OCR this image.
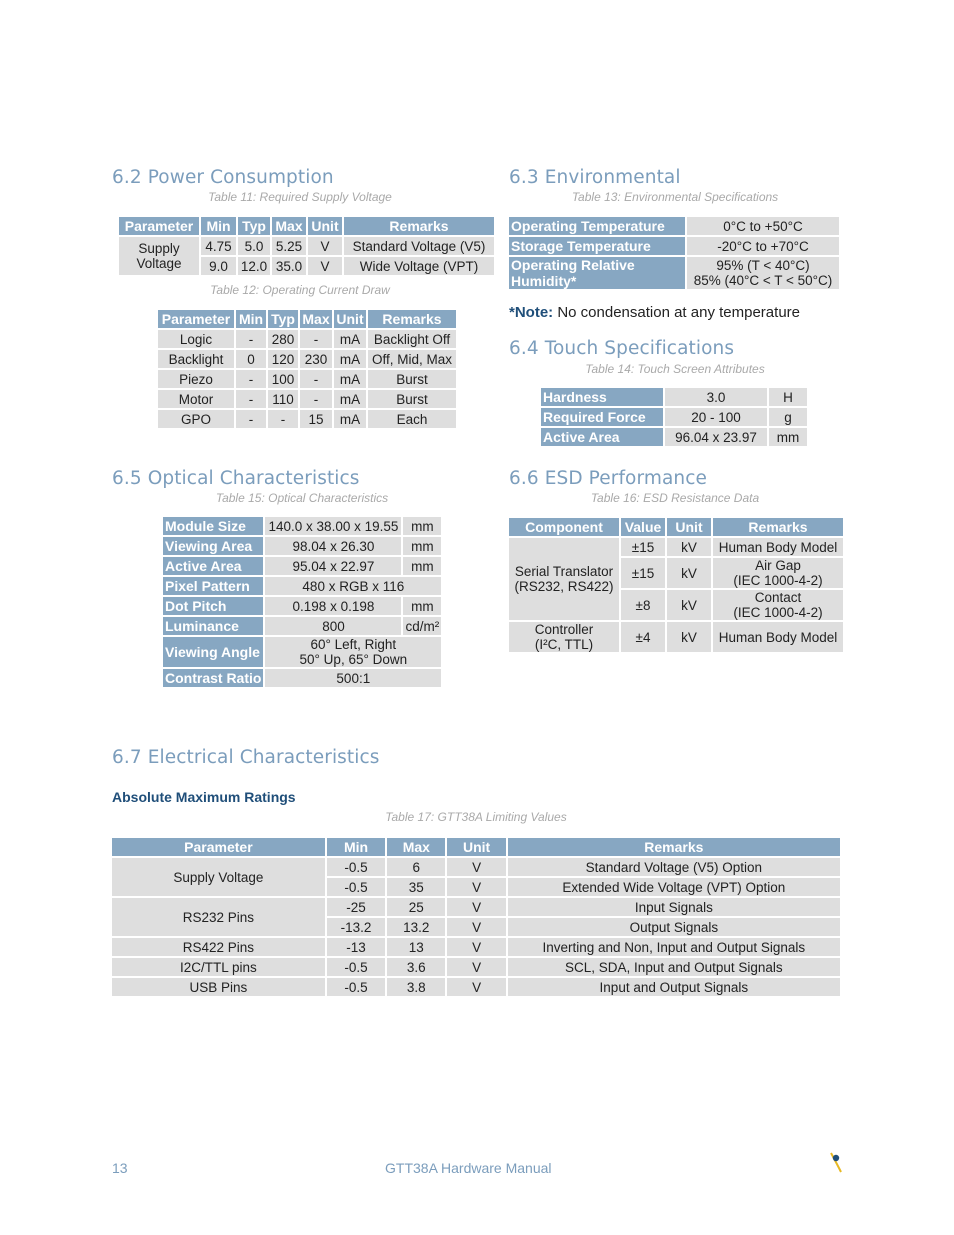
6.2 Power Consumption
Table 11: Required Supply Voltage
Parameter	Min	Typ	Max	Unit	Remarks
Supply
Voltage	4.75	5.0	5.25	V	Standard Voltage (V5)
	9.0	12.0	35.0	V	Wide Voltage (VPT)
Table 12: Operating Current Draw
Parameter	Min	Typ	Max	Unit	Remarks
Logic	-	280	-	mA	Backlight Off
Backlight	0	120	230	mA	Off, Mid, Max
Piezo	-	100	-	mA	Burst
Motor	-	110	-	mA	Burst
GPO	-	-	15	mA	Each
6.3 Environmental
Table 13: Environmental Specifications
Operating Temperature	0°C to +50°C
Storage Temperature	-20°C to +70°C
Operating Relative
Humidity*	95% (T < 40°C)
85% (40°C < T < 50°C)
*Note: No condensation at any temperature
6.4 Touch Specifications
Table 14: Touch Screen Attributes
Hardness	3.0	H
Required Force	20 - 100	g
Active Area	96.04 x 23.97	mm
6.5 Optical Characteristics
Table 15: Optical Characteristics
Module Size	140.0 x 38.00 x 19.55	mm
Viewing Area	98.04 x 26.30	mm
Active Area	95.04 x 22.97	mm
Pixel Pattern	480 x RGB x 116	
Dot Pitch	0.198 x 0.198	mm
Luminance	800	cd/m²
Viewing Angle	60° Left, Right
50° Up, 65° Down	
Contrast Ratio	500:1	
6.6 ESD Performance
Table 16: ESD Resistance Data
Component	Value	Unit	Remarks
Serial Translator
(RS232, RS422)	±15	kV	Human Body Model
	±15	kV	Air Gap
(IEC 1000-4-2)
	±8	kV	Contact
(IEC 1000-4-2)
Controller
(I²C, TTL)	±4	kV	Human Body Model
6.7 Electrical Characteristics
Absolute Maximum Ratings
Table 17: GTT38A Limiting Values
Parameter	Min	Max	Unit	Remarks
Supply Voltage	-0.5	6	V	Standard Voltage (V5) Option
	-0.5	35	V	Extended Wide Voltage (VPT) Option
RS232 Pins	-25	25	V	Input Signals
	-13.2	13.2	V	Output Signals
RS422 Pins	-13	13	V	Inverting and Non, Input and Output Signals
I2C/TTL pins	-0.5	3.6	V	SCL, SDA, Input and Output Signals
USB Pins	-0.5	3.8	V	Input and Output Signals
13	GTT38A Hardware Manual
